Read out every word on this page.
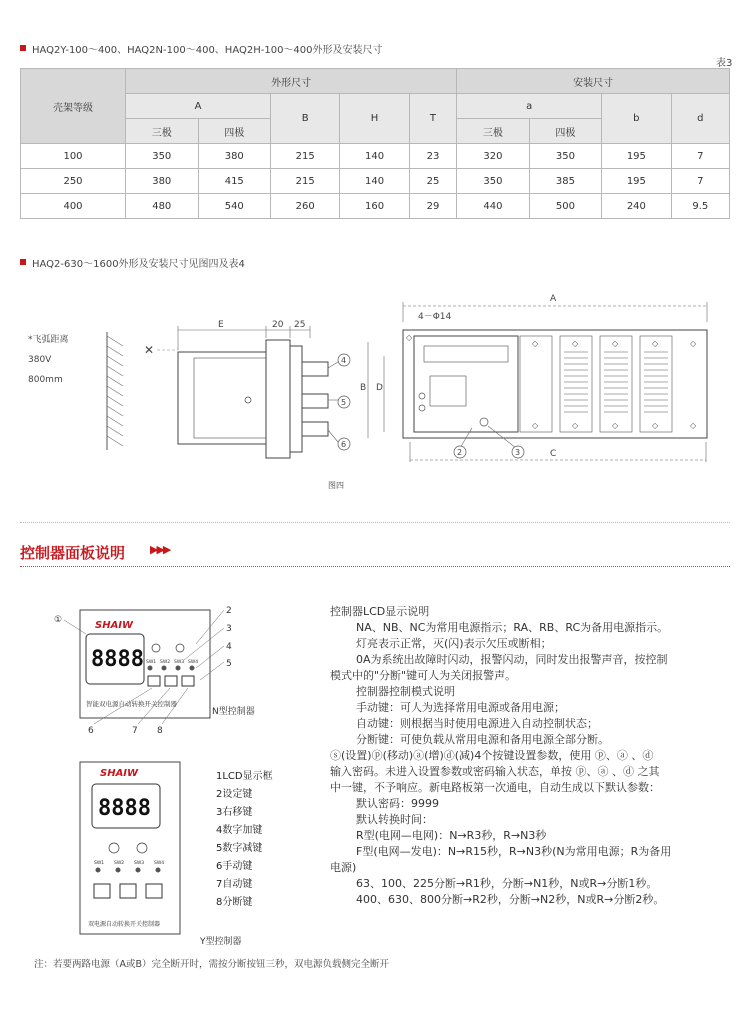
HAQ2Y-100～400、HAQ2N-100～400、HAQ2H-100～400外形及安装尺寸
表3
壳架等级	外形尺寸					安装尺寸			
	A		B	H	T	a		b	d
	三极	四极				三极	四极		
100	350	380	215	140	23	320	350	195	7
250	380	415	215	140	25	350	385	195	7
400	480	540	260	160	29	440	500	240	9.5
HAQ2-630～1600外形及安装尺寸见图四及表4
*飞弧距离
380V
800mm
✕
E	20 25
4
5
6
A
4－Φ14
◇	◇	◇	◇	◇
◇	◇	◇	◇	◇
◇
B D
C
2	3
图四
控制器面板说明 ▶▶▶
SHAIW
8888 SW1 SW2 SW3 SW4
智能双电源自动转换开关控制器
N型控制器
①
2
3
4
5
6	7 8
SHAIW
8888
SW1 SW2 SW3 SW4
双电源自动转换开关控制器
Y型控制器
1LCD显示框
2设定键
3右移键
4数字加键
5数字减键
6手动键
7自动键
8分断键
控制器LCD显示说明
NA、NB、NC为常用电源指示；RA、RB、RC为备用电源指示。
灯亮表示正常，灭(闪)表示欠压或断相；
0A为系统出故障时闪动，报警闪动，同时发出报警声音，按控制
模式中的"分断"键可人为关闭报警声。
控制器控制模式说明
手动键：可人为选择常用电源或备用电源；
自动键：则根据当时使用电源进入自动控制状态；
分断键：可使负载从常用电源和备用电源全部分断。
ⓢ(设置)ⓟ(移动)ⓐ(增)ⓓ(减)4个按键设置参数，使用 ⓟ、ⓐ 、ⓓ
输入密码。未进入设置参数或密码输入状态，单按 ⓟ、ⓐ 、ⓓ 之其
中一键，不予响应。新电路板第一次通电，自动生成以下默认参数：
默认密码：9999
默认转换时间：
R型(电网—电网)：N→R3秒，R→N3秒
F型(电网—发电)：N→R15秒，R→N3秒(N为常用电源；R为备用
电源)
63、100、225分断→R1秒，分断→N1秒，N或R→分断1秒。
400、630、800分断→R2秒，分断→N2秒，N或R→分断2秒。
注：若要两路电源（A或B）完全断开时，需按分断按钮三秒，双电源负载侧完全断开
